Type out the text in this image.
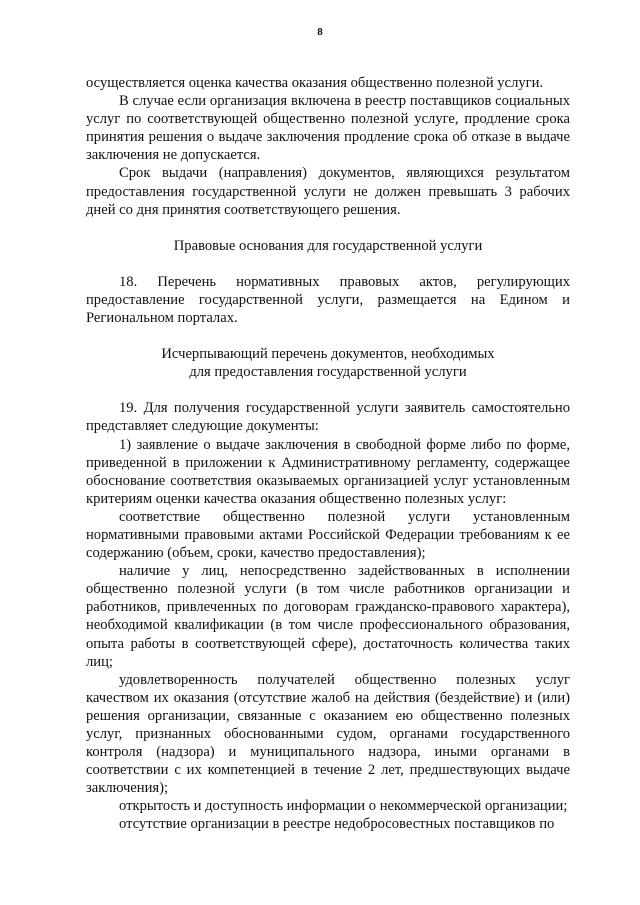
8

осуществляется оценка качества оказания общественно полезной услуги.

В случае если организация включена в реестр поставщиков социальных услуг по соответствующей общественно полезной услуге, продление срока принятия решения о выдаче заключения продление срока об отказе в выдаче заключения не допускается.

Срок выдачи (направления) документов, являющихся результатом предоставления государственной услуги не должен превышать 3 рабочих дней со дня принятия соответствующего решения.

Правовые основания для государственной услуги

18. Перечень нормативных правовых актов, регулирующих предоставление государственной услуги, размещается на Едином и Региональном порталах.

Исчерпывающий перечень документов, необходимых

для предоставления государственной услуги

19. Для получения государственной услуги заявитель самостоятельно представляет следующие документы:

1) заявление о выдаче заключения в свободной форме либо по форме, приведенной в приложении к Административному регламенту, содержащее обоснование соответствия оказываемых организацией услуг установленным критериям оценки качества оказания общественно полезных услуг:

соответствие общественно полезной услуги установленным нормативными правовыми актами Российской Федерации требованиям к ее содержанию (объем, сроки, качество предоставления);

наличие у лиц, непосредственно задействованных в исполнении общественно полезной услуги (в том числе работников организации и работников, привлеченных по договорам гражданско-правового характера), необходимой квалификации (в том числе профессионального образования, опыта работы в соответствующей сфере), достаточность количества таких лиц;

удовлетворенность получателей общественно полезных услуг качеством их оказания (отсутствие жалоб на действия (бездействие) и (или) решения организации, связанные с оказанием ею общественно полезных услуг, признанных обоснованными судом, органами государственного контроля (надзора) и муниципального надзора, иными органами в соответствии с их компетенцией в течение 2 лет, предшествующих выдаче заключения);

открытость и доступность информации о некоммерческой организации;

отсутствие организации в реестре недобросовестных поставщиков по
